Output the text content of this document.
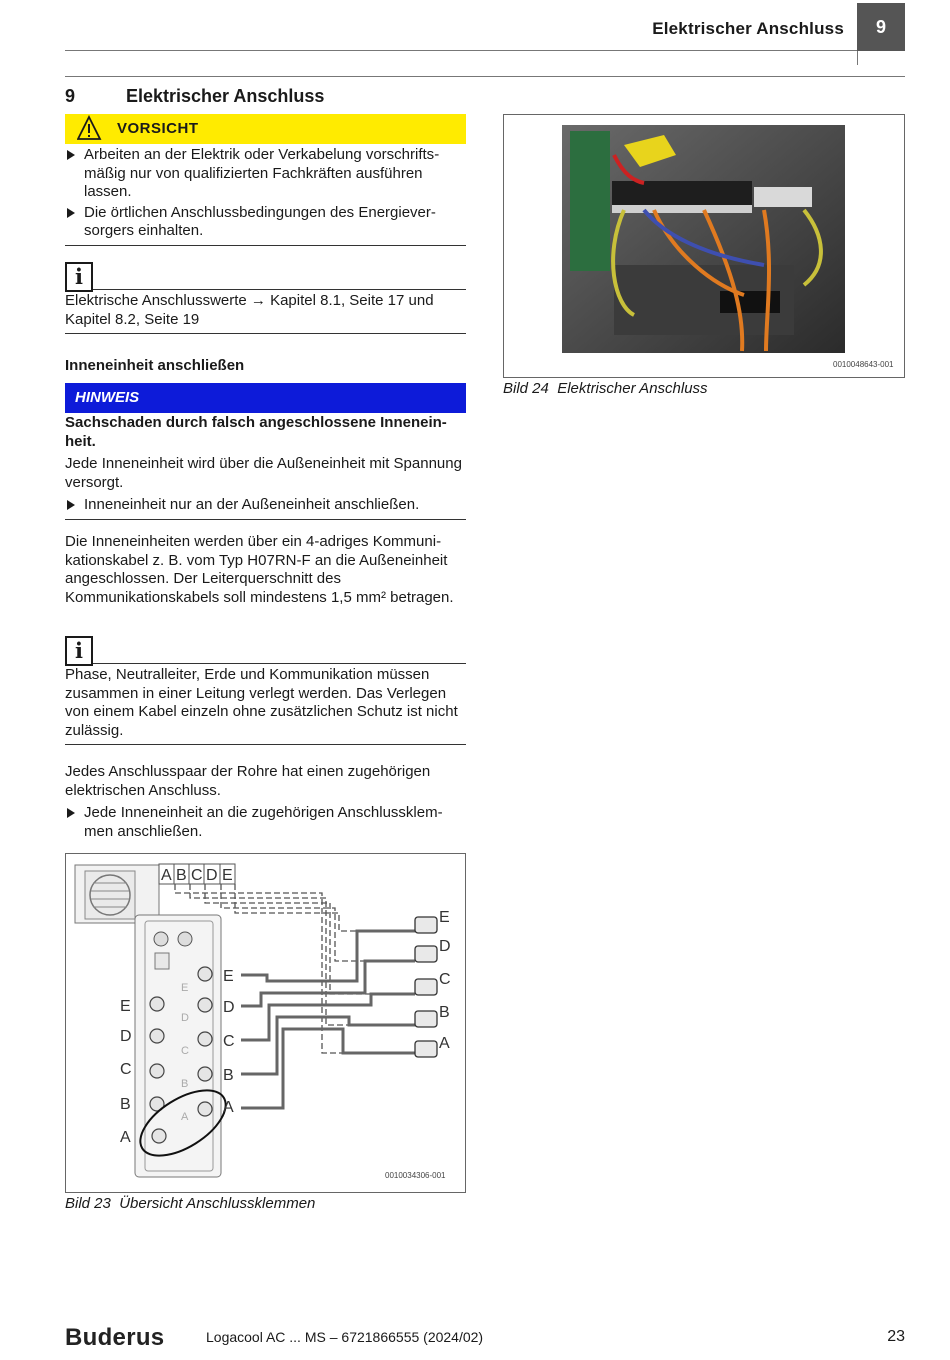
Elektrischer Anschluss	9
9	Elektrischer Anschluss
VORSICHT
Arbeiten an der Elektrik oder Verkabelung vorschriftsmäßig nur von qualifizierten Fachkräften ausführen lassen.
Die örtlichen Anschlussbedingungen des Energieversorgers einhalten.
i

Elektrische Anschlusswerte → Kapitel 8.1, Seite 17 und Kapitel 8.2, Seite 19

Inneneinheit anschließen
HINWEIS

Sachschaden durch falsch angeschlossene Inneneinheit.

Jede Inneneinheit wird über die Außeneinheit mit Spannung versorgt.

Inneneinheit nur an der Außeneinheit anschließen.

Die Inneneinheiten werden über ein 4-adriges Kommunikationskabel z. B. vom Typ H07RN-F an die Außeneinheit angeschlossen. Der Leiterquerschnitt des Kommunikationskabels soll mindestens 1,5 mm² betragen.

i

Phase, Neutralleiter, Erde und Kommunikation müssen zusammen in einer Leitung verlegt werden. Das Verlegen von einem Kabel einzeln ohne zusätzlichen Schutz ist nicht zulässig.

Jedes Anschlusspaar der Rohre hat einen zugehörigen elektrischen Anschluss.

Jede Inneneinheit an die zugehörigen Anschlussklemmen anschließen.
A B C D E
E
D
C
B
A
E
D
C
B
A
E
D
C
B
A
E
D
C
B
A
0010034306-001
Bild 23 Übersicht Anschlussklemmen
0010048643-001
Bild 24 Elektrischer Anschluss
Buderus	Logacool AC ... MS – 6721866555 (2024/02)	23
